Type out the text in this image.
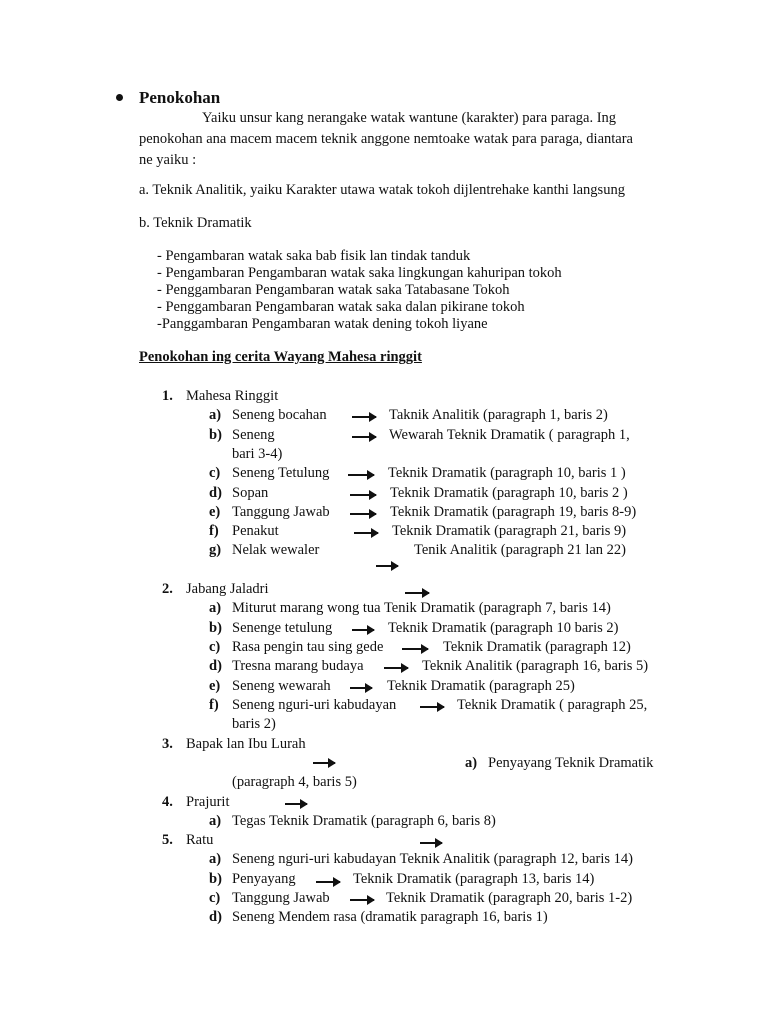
Penokohan
Yaiku unsur kang nerangake watak wantune (karakter) para paraga. Ing
penokohan ana macem macem teknik anggone nemtoake watak para paraga, diantara
ne yaiku :
a. Teknik Analitik, yaiku Karakter utawa watak tokoh dijlentrehake kanthi langsung
b. Teknik Dramatik
- Pengambaran watak saka bab fisik lan tindak tanduk
- Pengambaran Pengambaran watak saka lingkungan kahuripan tokoh
- Penggambaran Pengambaran watak saka Tatabasane Tokoh
- Penggambaran Pengambaran watak saka dalan pikirane tokoh
-Panggambaran Pengambaran watak dening tokoh liyane
Penokohan ing cerita Wayang Mahesa ringgit
1. Mahesa Ringgit
a) Seneng bocahan	Taknik Analitik (paragraph 1, baris 2)
b) Seneng	Wewarah Teknik Dramatik ( paragraph 1,
bari 3-4)
c) Seneng Tetulung	Teknik Dramatik (paragraph 10, baris 1 )
d) Sopan	Teknik Dramatik (paragraph 10, baris 2 )
e) Tanggung Jawab	Teknik Dramatik (paragraph 19, baris 8-9)
f) Penakut	Teknik Dramatik (paragraph 21, baris 9)
g) Nelak wewaler	Tenik Analitik (paragraph 21 lan 22)
2. Jabang Jaladri
a) Miturut marang wong tua Tenik Dramatik (paragraph 7, baris 14)
b) Senenge tetulung	Teknik Dramatik (paragraph 10 baris 2)
c) Rasa pengin tau sing gede	Teknik Dramatik (paragraph 12)
d) Tresna marang budaya	Teknik Analitik (paragraph 16, baris 5)
e) Seneng wewarah	Teknik Dramatik (paragraph 25)
f) Seneng nguri-uri kabudayan	Teknik Dramatik ( paragraph 25,
baris 2)
3. Bapak lan Ibu Lurah
a) Penyayang Teknik Dramatik
(paragraph 4, baris 5)
4. Prajurit
a) Tegas Teknik Dramatik (paragraph 6, baris 8)
5. Ratu
a) Seneng nguri-uri kabudayan Teknik Analitik (paragraph 12, baris 14)
b) Penyayang	Teknik Dramatik (paragraph 13, baris 14)
c) Tanggung Jawab	Teknik Dramatik (paragraph 20, baris 1-2)
d) Seneng Mendem rasa (dramatik paragraph 16, baris 1)
